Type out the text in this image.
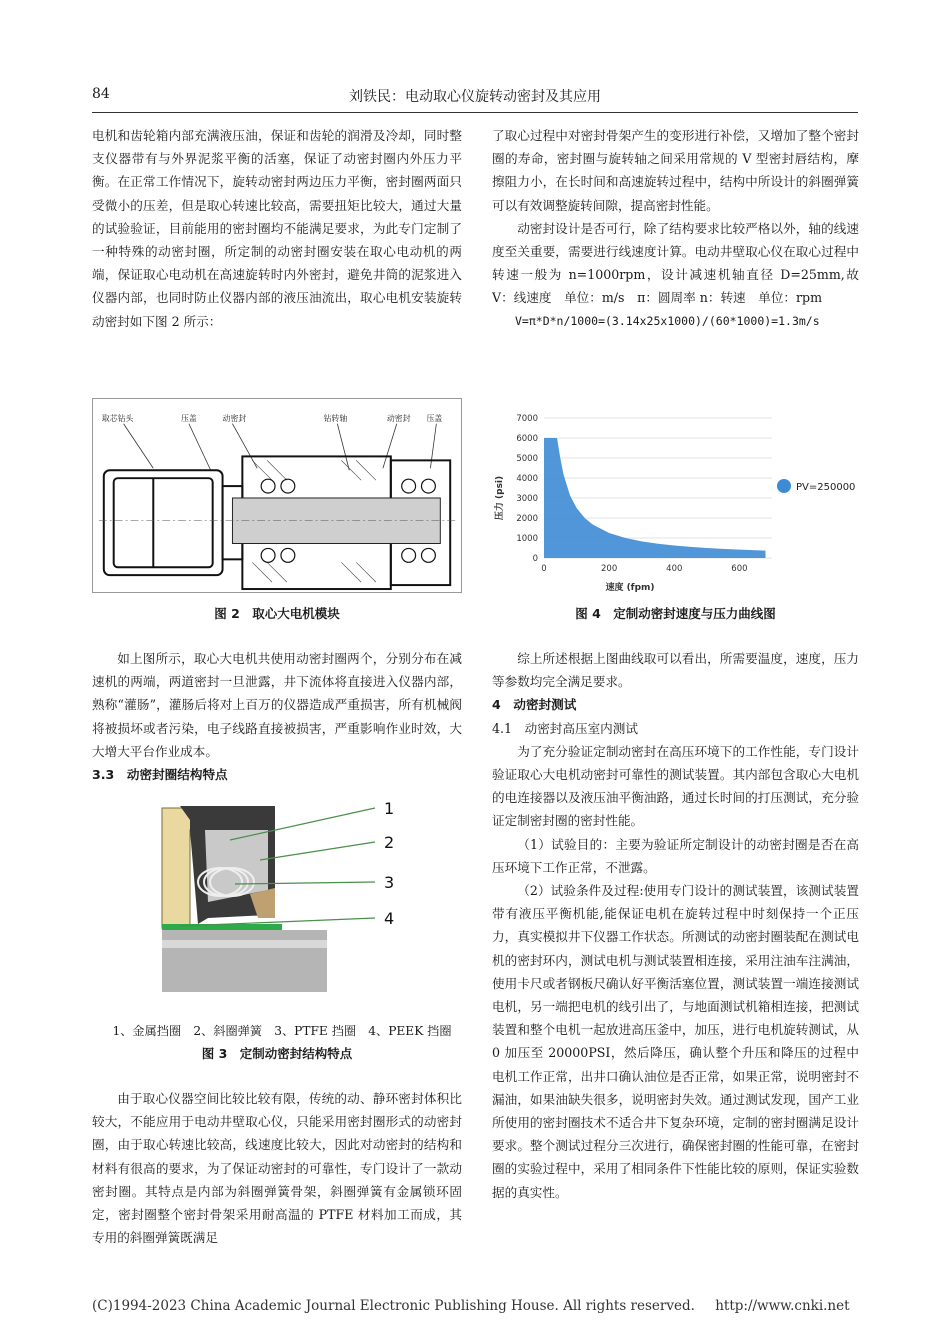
84	刘铁民：电动取心仪旋转动密封及其应用

电机和齿轮箱内部充满液压油，保证和齿轮的润滑及冷却，同时整支仪器带有与外界泥浆平衡的活塞，保证了动密封圈内外压力平衡。在正常工作情况下，旋转动密封两边压力平衡，密封圈两面只受微小的压差，但是取心转速比较高，需要扭矩比较大，通过大量的试验验证，目前能用的密封圈均不能满足要求，为此专门定制了一种特殊的动密封圈，所定制的动密封圈安装在取心电动机的两端，保证取心电动机在高速旋转时内外密封，避免井筒的泥浆进入仪器内部，也同时防止仪器内部的液压油流出，取心电机安装旋转动密封如下图 2 所示：

取芯钻头	压盖	动密封	钻转轴	动密封 压盖
图 2　取心大电机模块

如上图所示，取心大电机共使用动密封圈两个，分别分布在减速机的两端，两道密封一旦泄露，井下流体将直接进入仪器内部，熟称“灌肠”，灌肠后将对上百万的仪器造成严重损害，所有机械阀将被损坏或者污染，电子线路直接被损害，严重影响作业时效，大大增大平台作业成本。

3.3　动密封圈结构特点

1
2
3
4
1、金属挡圈　2、斜圈弹簧　3、PTFE 挡圈　4、PEEK 挡圈
图 3　定制动密封结构特点

由于取心仪器空间比较比较有限，传统的动、静环密封体积比较大，不能应用于电动井壁取心仪，只能采用密封圈形式的动密封圈，由于取心转速比较高，线速度比较大，因此对动密封的结构和材料有很高的要求，为了保证动密封的可靠性，专门设计了一款动密封圈。其特点是内部为斜圈弹簧骨架，斜圈弹簧有金属锁环固定，密封圈整个密封骨架采用耐高温的 PTFE 材料加工而成，其专用的斜圈弹簧既满足

了取心过程中对密封骨架产生的变形进行补偿，又增加了整个密封圈的寿命，密封圈与旋转轴之间采用常规的 V 型密封唇结构，摩擦阻力小，在长时间和高速旋转过程中，结构中所设计的斜圈弹簧可以有效调整旋转间隙，提高密封性能。

动密封设计是否可行，除了结构要求比较严格以外，轴的线速度至关重要，需要进行线速度计算。电动井壁取心仪在取心过程中转速一般为 n=1000rpm，设计减速机轴直径 D=25mm,故　V：线速度　单位：m/s　π：圆周率 n：转速　单位：rpm

V=π*D*n/1000=(3.14x25x1000)/(60*1000)=1.3m/s

0
1000
2000
3000
4000
5000
6000
7000
0	200	400	600
压力 (psi)
速度 (fpm)
PV=250000
图 4　定制动密封速度与压力曲线图

综上所述根据上图曲线取可以看出，所需要温度，速度，压力等参数均完全满足要求。

4　动密封测试

4.1　动密封高压室内测试

为了充分验证定制动密封在高压环境下的工作性能，专门设计验证取心大电机动密封可靠性的测试装置。其内部包含取心大电机的电连接器以及液压油平衡油路，通过长时间的打压测试，充分验证定制密封圈的密封性能。

（1）试验目的：主要为验证所定制设计的动密封圈是否在高压环境下工作正常，不泄露。

（2）试验条件及过程:使用专门设计的测试装置，该测试装置带有液压平衡机能,能保证电机在旋转过程中时刻保持一个正压力，真实模拟井下仪器工作状态。所测试的动密封圈装配在测试电机的密封环内，测试电机与测试装置相连接，采用注油车注满油，使用卡尺或者钢板尺确认好平衡活塞位置，测试装置一端连接测试电机，另一端把电机的线引出了，与地面测试机箱相连接，把测试装置和整个电机一起放进高压釜中，加压，进行电机旋转测试，从 0 加压至 20000PSI，然后降压，确认整个升压和降压的过程中电机工作正常，出井口确认油位是否正常，如果正常，说明密封不漏油，如果油缺失很多，说明密封失效。通过测试发现，国产工业所使用的密封圈技术不适合井下复杂环境，定制的密封圈满足设计要求。整个测试过程分三次进行，确保密封圈的性能可靠，在密封圈的实验过程中，采用了相同条件下性能比较的原则，保证实验数据的真实性。

(C)1994-2023 China Academic Journal Electronic Publishing House. All rights reserved. http://www.cnki.net
